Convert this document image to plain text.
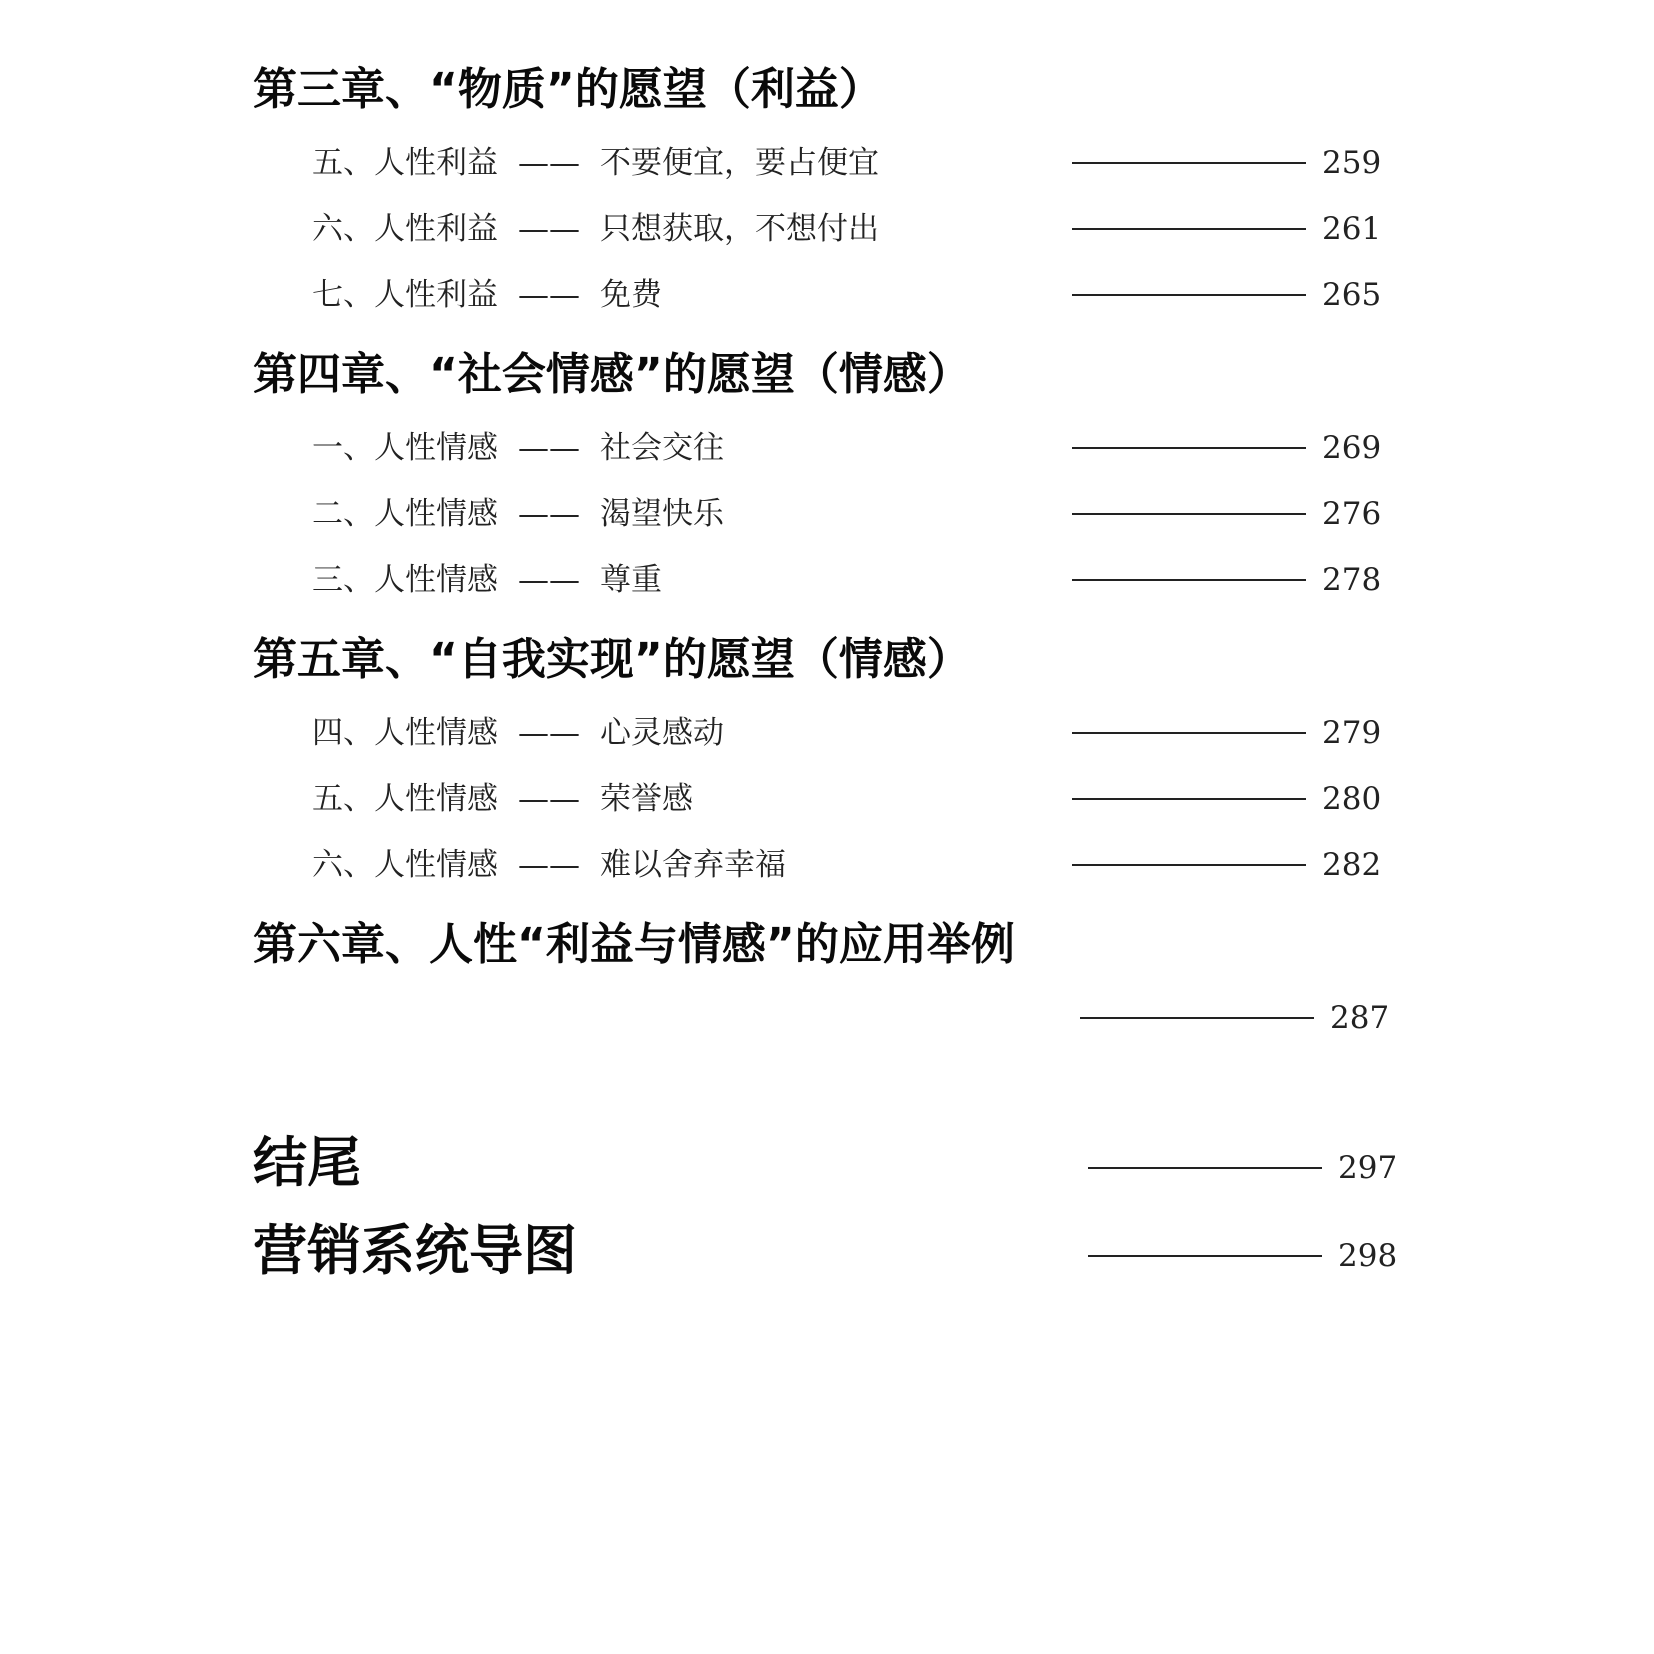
第三章、“物质”的愿望（利益）
五、人性利益 —— 不要便宜，要占便宜	259
六、人性利益 —— 只想获取，不想付出	261
七、人性利益 —— 免费	265
第四章、“社会情感”的愿望（情感）
一、人性情感 —— 社会交往	269
二、人性情感 —— 渴望快乐	276
三、人性情感 —— 尊重	278
第五章、“自我实现”的愿望（情感）
四、人性情感 —— 心灵感动	279
五、人性情感 —— 荣誉感	280
六、人性情感 —— 难以舍弃幸福	282
第六章、人性“利益与情感”的应用举例
287
结尾	297
营销系统导图	298
